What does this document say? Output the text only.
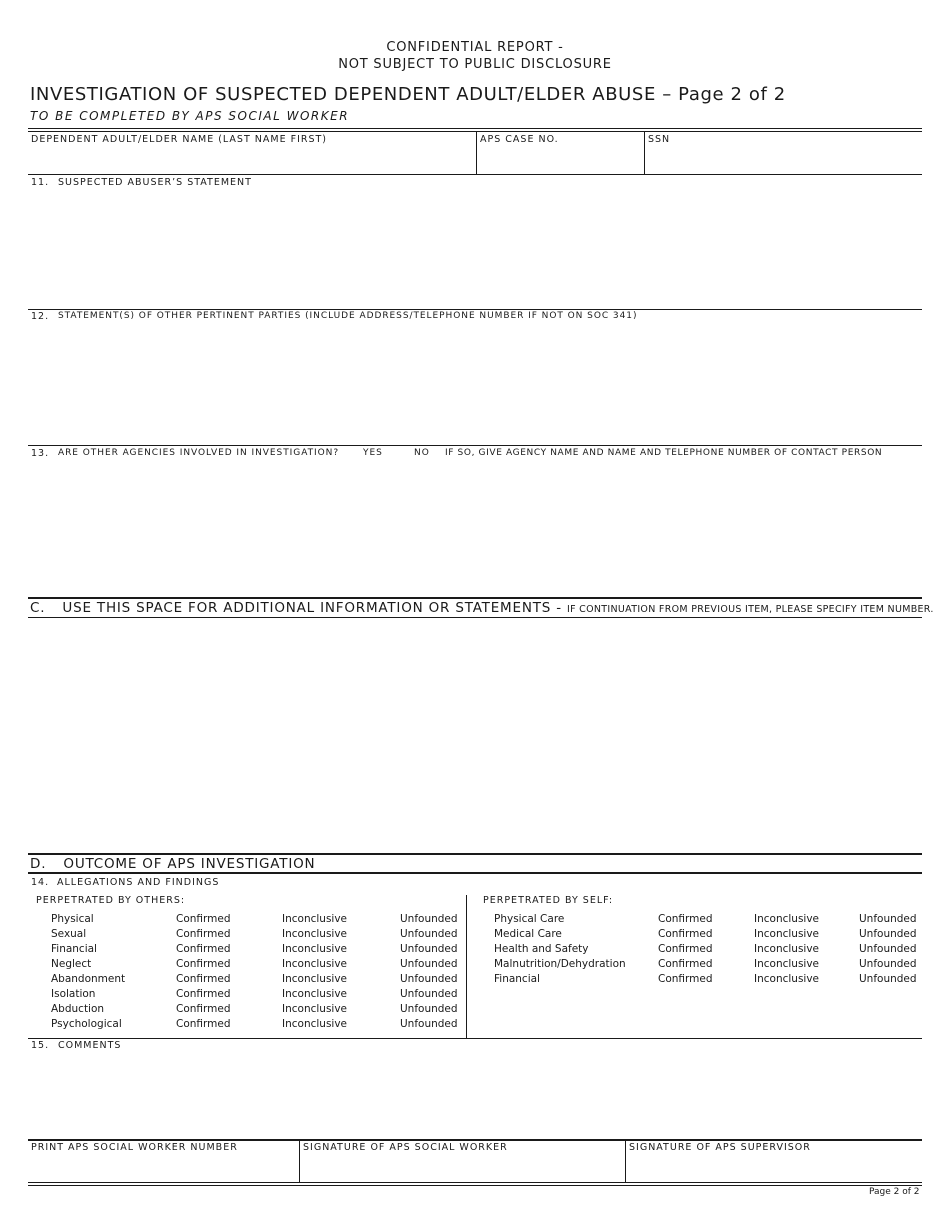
CONFIDENTIAL REPORT -
NOT SUBJECT TO PUBLIC DISCLOSURE
INVESTIGATION OF SUSPECTED DEPENDENT ADULT/ELDER ABUSE – Page 2 of 2
TO BE COMPLETED BY APS SOCIAL WORKER
DEPENDENT ADULT/ELDER NAME (LAST NAME FIRST)	APS CASE NO.	SSN
11. SUSPECTED ABUSER’S STATEMENT
12. STATEMENT(S) OF OTHER PERTINENT PARTIES (INCLUDE ADDRESS/TELEPHONE NUMBER IF NOT ON SOC 341)
13. ARE OTHER AGENCIES INVOLVED IN INVESTIGATION?	YES	NO IF SO, GIVE AGENCY NAME AND NAME AND TELEPHONE NUMBER OF CONTACT PERSON
C. USE THIS SPACE FOR ADDITIONAL INFORMATION OR STATEMENTS - IF CONTINUATION FROM PREVIOUS ITEM, PLEASE SPECIFY ITEM NUMBER.
D. OUTCOME OF APS INVESTIGATION
14. ALLEGATIONS AND FINDINGS
PERPETRATED BY OTHERS:	PERPETRATED BY SELF:
Physical	Confirmed	Inconclusive	Unfounded
Sexual	Confirmed	Inconclusive	Unfounded
Financial	Confirmed	Inconclusive	Unfounded
Neglect	Confirmed	Inconclusive	Unfounded
Abandonment	Confirmed	Inconclusive	Unfounded
Isolation	Confirmed	Inconclusive	Unfounded
Abduction	Confirmed	Inconclusive	Unfounded
Psychological	Confirmed	Inconclusive	Unfounded
Physical Care	Confirmed	Inconclusive	Unfounded
Medical Care	Confirmed	Inconclusive	Unfounded
Health and Safety	Confirmed	Inconclusive	Unfounded
Malnutrition/Dehydration	Confirmed	Inconclusive	Unfounded
Financial	Confirmed	Inconclusive	Unfounded
15. COMMENTS
PRINT APS SOCIAL WORKER NUMBER	SIGNATURE OF APS SOCIAL WORKER	SIGNATURE OF APS SUPERVISOR
Page 2 of 2
